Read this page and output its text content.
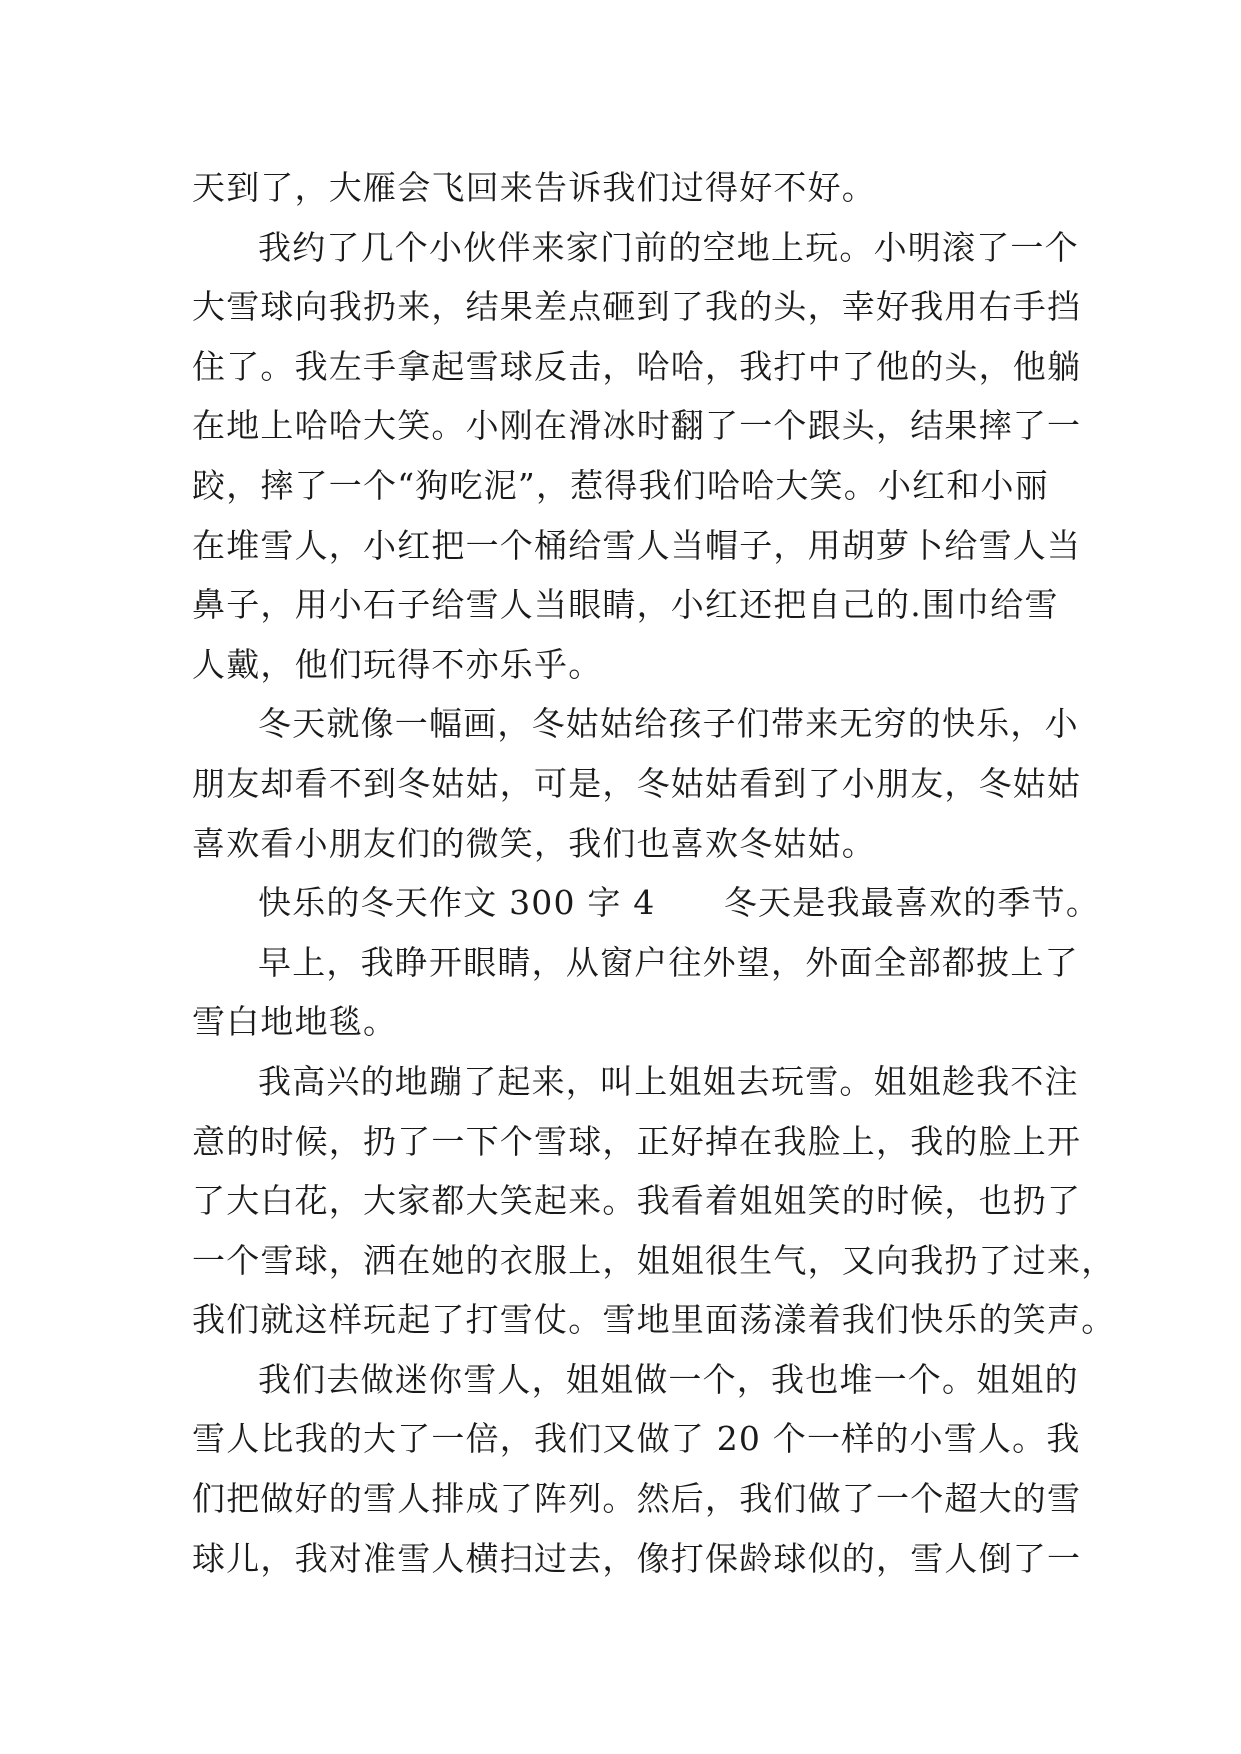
天到了，大雁会飞回来告诉我们过得好不好。
我约了几个小伙伴来家门前的空地上玩。小明滚了一个
大雪球向我扔来，结果差点砸到了我的头，幸好我用右手挡
住了。我左手拿起雪球反击，哈哈，我打中了他的头，他躺
在地上哈哈大笑。小刚在滑冰时翻了一个跟头，结果摔了一
跤，摔了一个“狗吃泥”，惹得我们哈哈大笑。小红和小丽
在堆雪人，小红把一个桶给雪人当帽子，用胡萝卜给雪人当
鼻子，用小石子给雪人当眼睛，小红还把自己的.围巾给雪
人戴，他们玩得不亦乐乎。
冬天就像一幅画，冬姑姑给孩子们带来无穷的快乐，小
朋友却看不到冬姑姑，可是，冬姑姑看到了小朋友，冬姑姑
喜欢看小朋友们的微笑，我们也喜欢冬姑姑。
快乐的冬天作文 300 字 4　　冬天是我最喜欢的季节。
早上，我睁开眼睛，从窗户往外望，外面全部都披上了
雪白地地毯。
我高兴的地蹦了起来，叫上姐姐去玩雪。姐姐趁我不注
意的时候，扔了一下个雪球，正好掉在我脸上，我的脸上开
了大白花，大家都大笑起来。我看着姐姐笑的时候，也扔了
一个雪球，洒在她的衣服上，姐姐很生气，又向我扔了过来，
我们就这样玩起了打雪仗。雪地里面荡漾着我们快乐的笑声。
我们去做迷你雪人，姐姐做一个，我也堆一个。姐姐的
雪人比我的大了一倍，我们又做了 20 个一样的小雪人。我
们把做好的雪人排成了阵列。然后，我们做了一个超大的雪
球儿，我对准雪人横扫过去，像打保龄球似的，雪人倒了一
